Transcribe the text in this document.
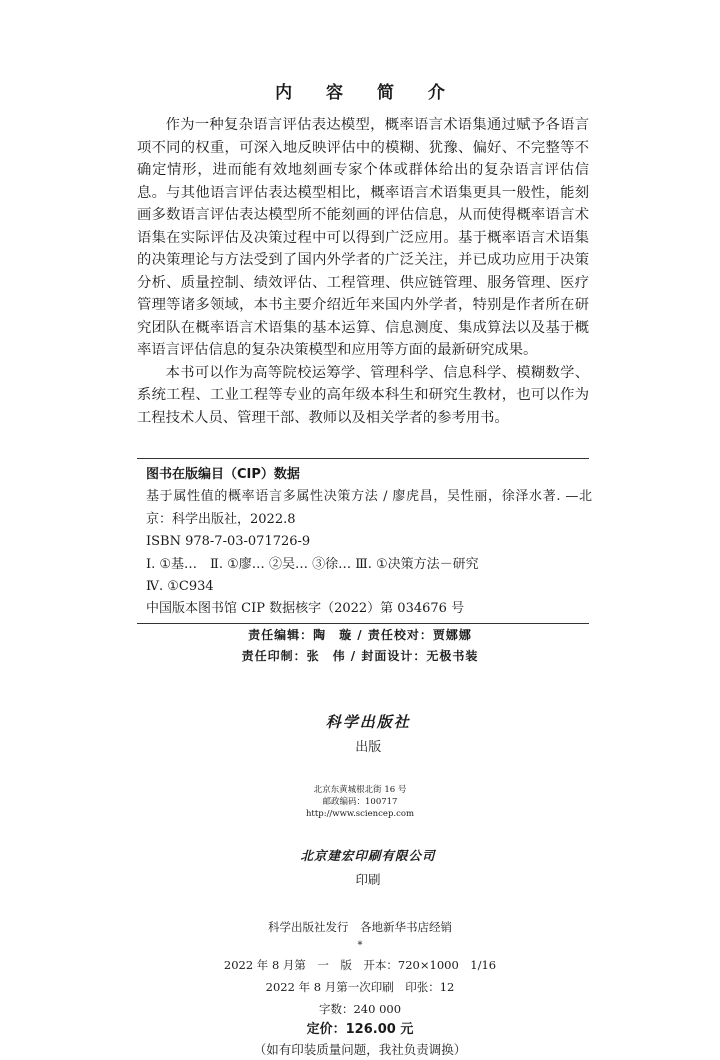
内 容 简 介

作为一种复杂语言评估表达模型，概率语言术语集通过赋予各语言项不同的权重，可深入地反映评估中的模糊、犹豫、偏好、不完整等不确定情形，进而能有效地刻画专家个体或群体给出的复杂语言评估信息。与其他语言评估表达模型相比，概率语言术语集更具一般性，能刻画多数语言评估表达模型所不能刻画的评估信息，从而使得概率语言术语集在实际评估及决策过程中可以得到广泛应用。基于概率语言术语集的决策理论与方法受到了国内外学者的广泛关注，并已成功应用于决策分析、质量控制、绩效评估、工程管理、供应链管理、服务管理、医疗管理等诸多领域，本书主要介绍近年来国内外学者，特别是作者所在研究团队在概率语言术语集的基本运算、信息测度、集成算法以及基于概率语言评估信息的复杂决策模型和应用等方面的最新研究成果。

本书可以作为高等院校运筹学、管理科学、信息科学、模糊数学、系统工程、工业工程等专业的高年级本科生和研究生教材，也可以作为工程技术人员、管理干部、教师以及相关学者的参考用书。

图书在版编目（CIP）数据
基于属性值的概率语言多属性决策方法 / 廖虎昌，吴性丽，徐泽水著. —北京：科学出版社，2022.8
ISBN 978-7-03-071726-9
Ⅰ. ①基…　Ⅱ. ①廖… ②吴… ③徐… Ⅲ. ①决策方法－研究
Ⅳ. ①C934
中国版本图书馆 CIP 数据核字（2022）第 034676 号
责任编辑：陶　璇 / 责任校对：贾娜娜
责任印制：张　伟 / 封面设计：无极书装

科学出版社
出版

北京东黄城根北街 16 号
邮政编码：100717
http://www.sciencep.com

北京建宏印刷有限公司
印刷

科学出版社发行　各地新华书店经销
*
2022 年 8 月第　一　版　开本：720×1000　1/16
2022 年 8 月第一次印刷　印张：12
字数：240 000
定价：126.00 元
（如有印装质量问题，我社负责调换）
